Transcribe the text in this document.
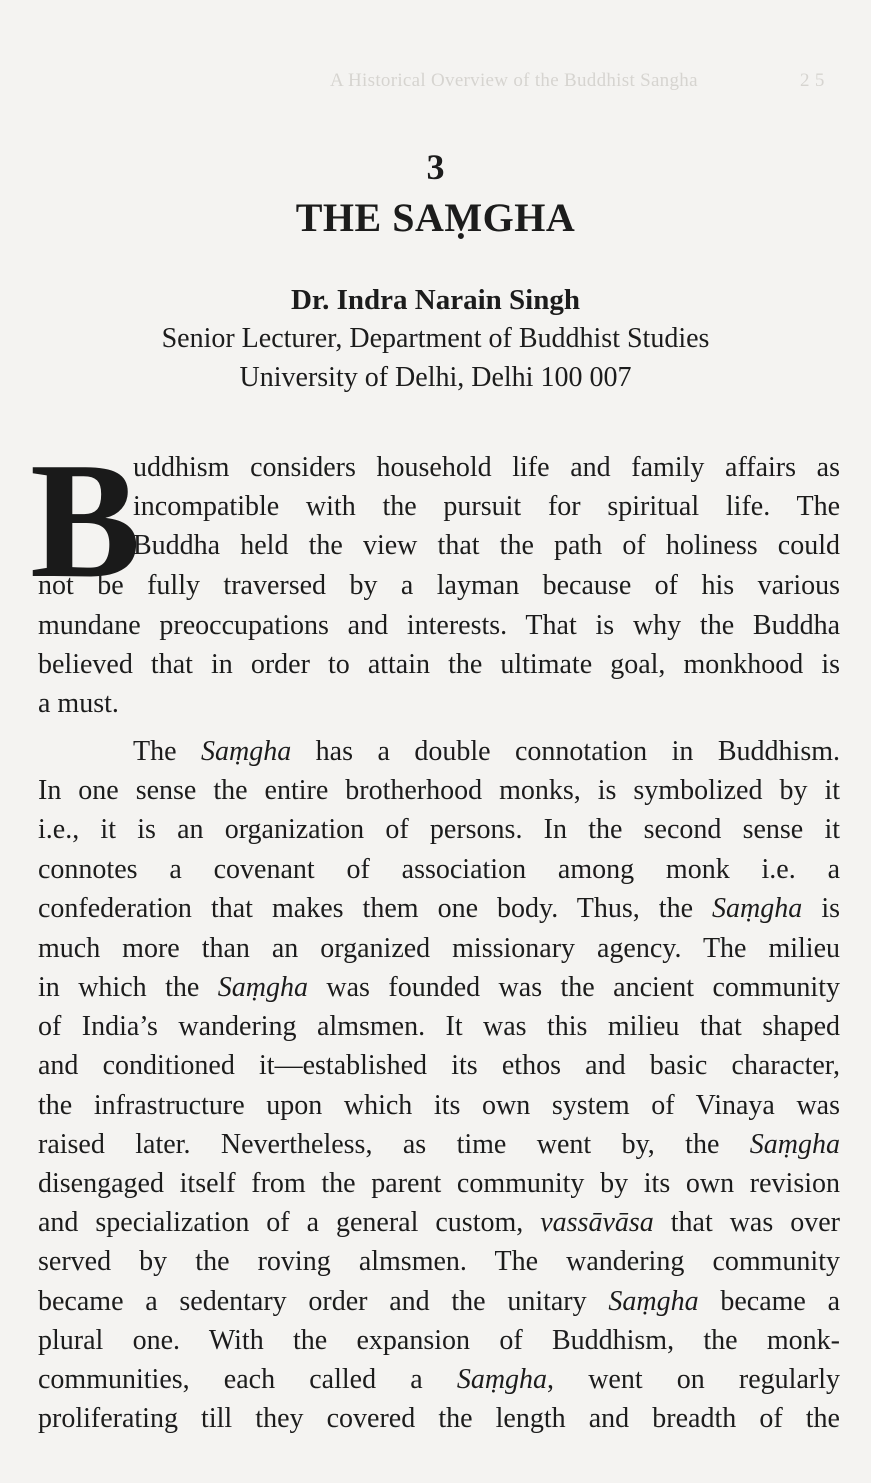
A Historical Overview of the Buddhist Sangha	2 5
3
THE SAṂGHA
Dr. Indra Narain Singh
Senior Lecturer, Department of Buddhist Studies
University of Delhi, Delhi 100 007
B
uddhism considers household life and family affairs as
incompatible with the pursuit for spiritual life. The
Buddha held the view that the path of holiness could
not be fully traversed by a layman because of his various
mundane preoccupations and interests. That is why the Buddha
believed that in order to attain the ultimate goal, monkhood is
a must.
The Saṃgha has a double connotation in Buddhism.
In one sense the entire brotherhood monks, is symbolized by it
i.e., it is an organization of persons. In the second sense it
connotes a covenant of association among monk i.e. a
confederation that makes them one body. Thus, the Saṃgha is
much more than an organized missionary agency. The milieu
in which the Saṃgha was founded was the ancient community
of India’s wandering almsmen. It was this milieu that shaped
and conditioned it—established its ethos and basic character,
the infrastructure upon which its own system of Vinaya was
raised later. Nevertheless, as time went by, the Saṃgha
disengaged itself from the parent community by its own revision
and specialization of a general custom, vassāvāsa that was over
served by the roving almsmen. The wandering community
became a sedentary order and the unitary Saṃgha became a
plural one. With the expansion of Buddhism, the monk-
communities, each called a Saṃgha, went on regularly
proliferating till they covered the length and breadth of the
